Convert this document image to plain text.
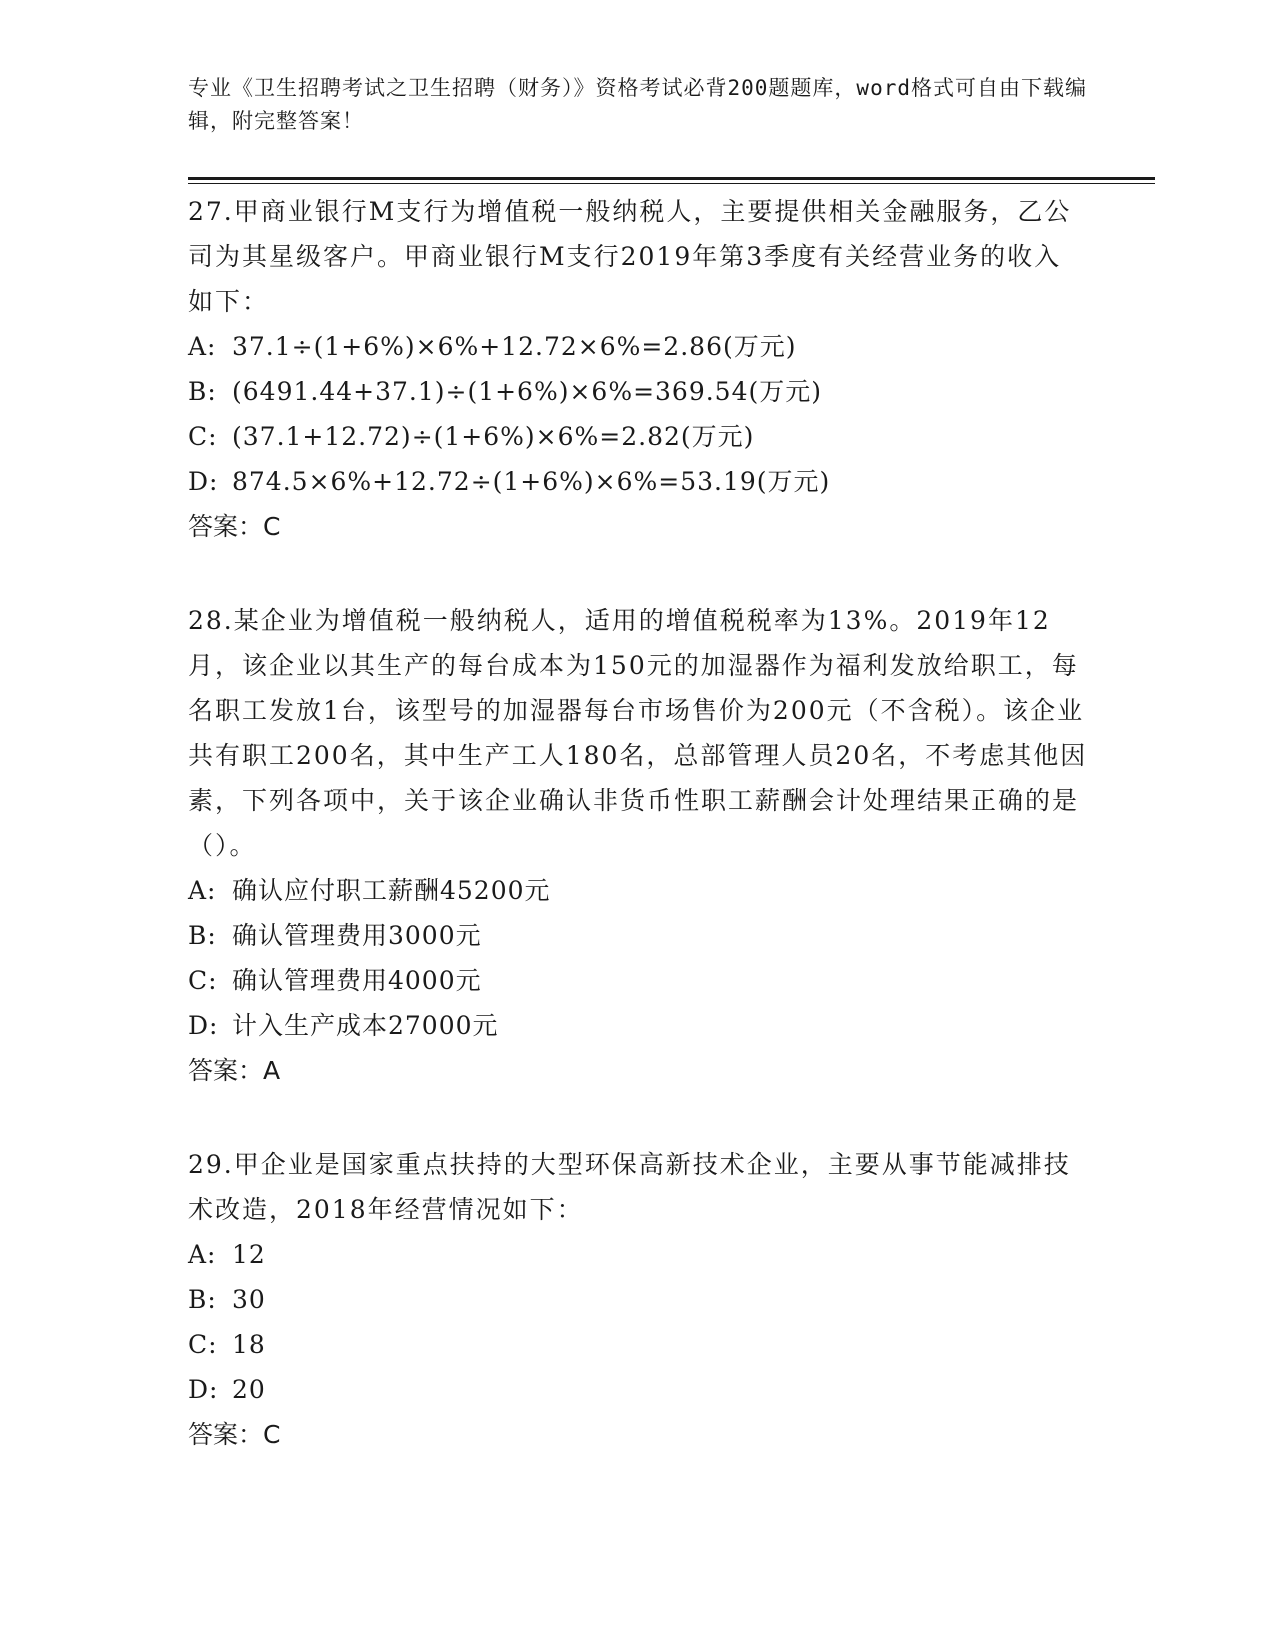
专业《卫生招聘考试之卫生招聘（财务）》资格考试必背200题题库，word格式可自由下载编辑，附完整答案！

27.甲商业银行M支行为增值税一般纳税人，主要提供相关金融服务，乙公司为其星级客户。甲商业银行M支行2019年第3季度有关经营业务的收入如下：

A: 37.1÷(1+6%)×6%+12.72×6%=2.86(万元)

B: (6491.44+37.1)÷(1+6%)×6%=369.54(万元)

C: (37.1+12.72)÷(1+6%)×6%=2.82(万元)

D: 874.5×6%+12.72÷(1+6%)×6%=53.19(万元)

答案：C

28.某企业为增值税一般纳税人，适用的增值税税率为13%。2019年12月，该企业以其生产的每台成本为150元的加湿器作为福利发放给职工，每名职工发放1台，该型号的加湿器每台市场售价为200元（不含税）。该企业共有职工200名，其中生产工人180名，总部管理人员20名，不考虑其他因素，下列各项中，关于该企业确认非货币性职工薪酬会计处理结果正确的是（）。

A: 确认应付职工薪酬45200元

B: 确认管理费用3000元

C: 确认管理费用4000元

D: 计入生产成本27000元

答案：A

29.甲企业是国家重点扶持的大型环保高新技术企业，主要从事节能减排技术改造，2018年经营情况如下：

A: 12

B: 30

C: 18

D: 20

答案：C
